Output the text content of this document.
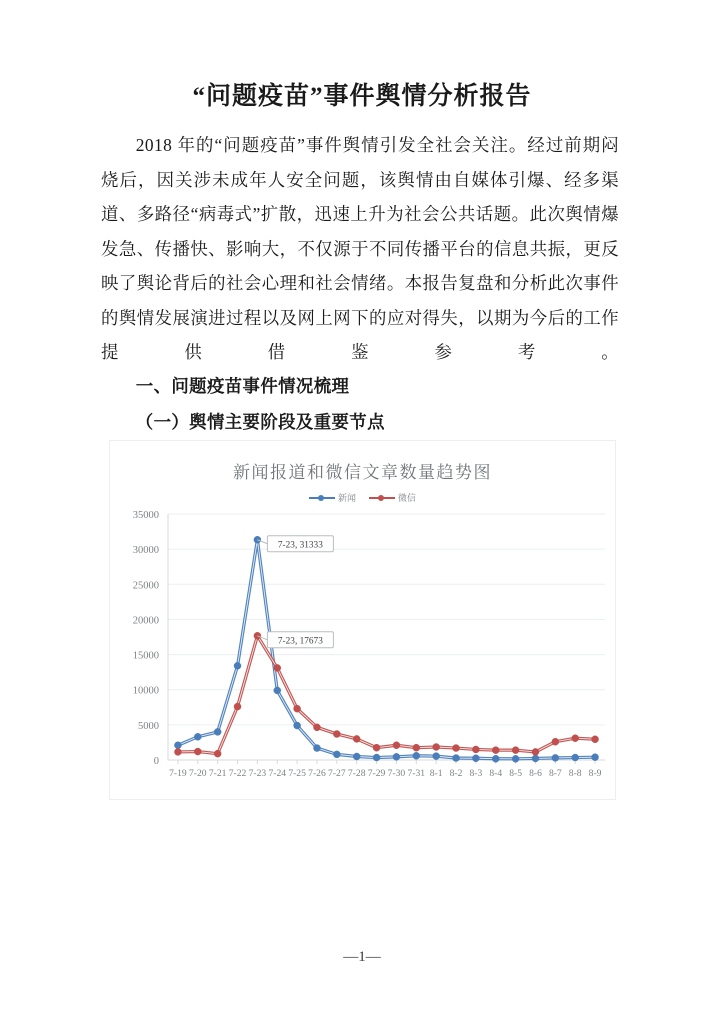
“问题疫苗”事件舆情分析报告

2018 年的“问题疫苗”事件舆情引发全社会关注。经过前期闷烧后，因关涉未成年人安全问题，该舆情由自媒体引爆、经多渠道、多路径“病毒式”扩散，迅速上升为社会公共话题。此次舆情爆发急、传播快、影响大，不仅源于不同传播平台的信息共振，更反映了舆论背后的社会心理和社会情绪。本报告复盘和分析此次事件的舆情发展演进过程以及网上网下的应对得失，以期为今后的工作提供借鉴参考。

一、问题疫苗事件情况梳理
（一）舆情主要阶段及重要节点
新闻报道和微信文章数量趋势图
新闻	微信
0
5000
10000
15000
20000
25000
30000
35000
7-19 7-20 7-21 7-22 7-23 7-24 7-25 7-26 7-27 7-28 7-29 7-30 7-31 8-1 8-2 8-3 8-4 8-5 8-6 8-7 8-8 8-9
7-23, 31333
7-23, 17673
—1—
